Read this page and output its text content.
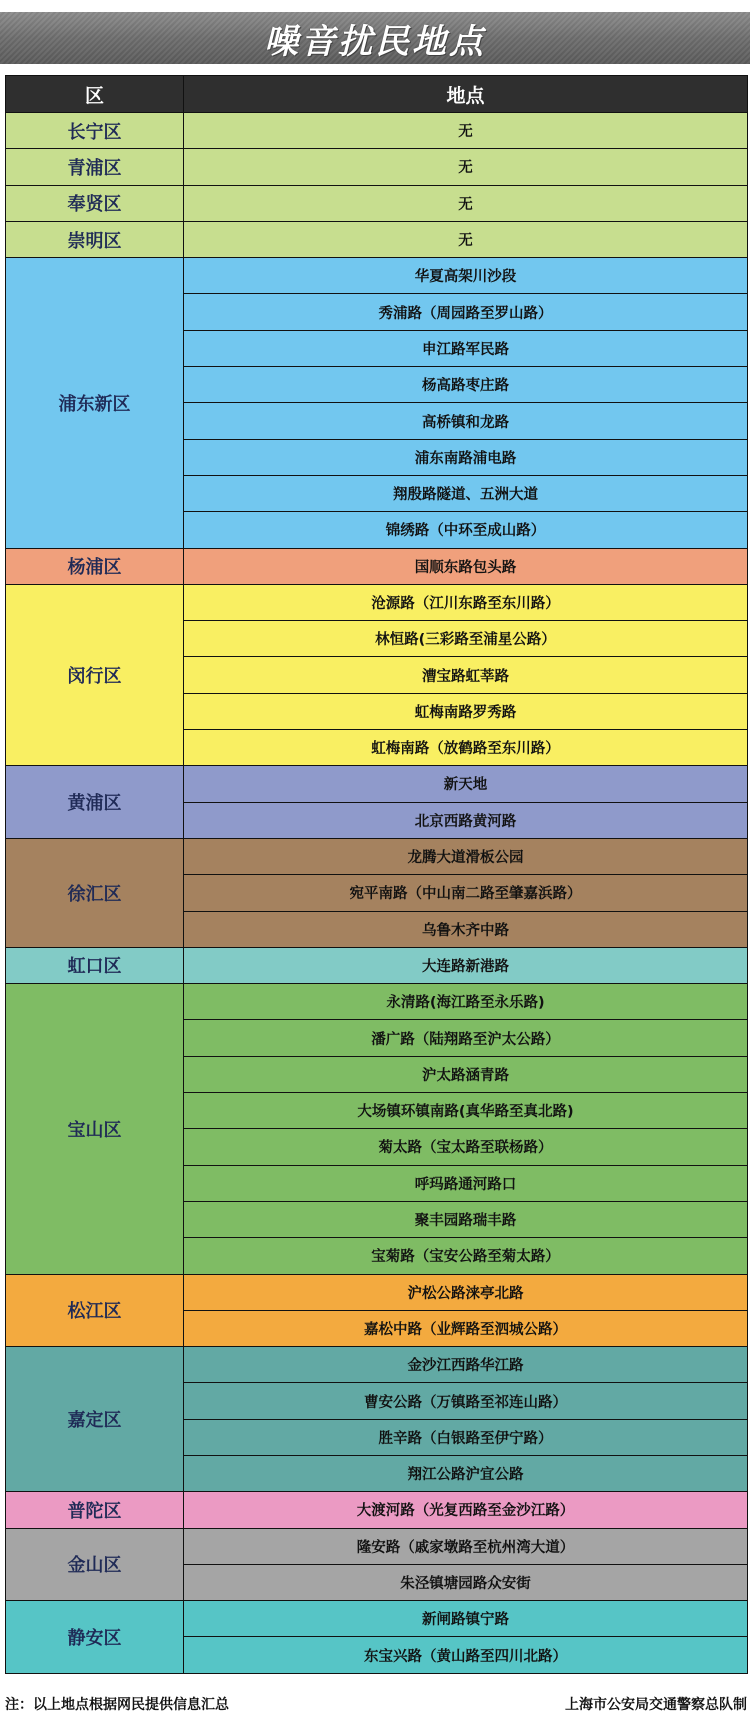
噪音扰民地点
区	地点
长宁区	无
青浦区	无
奉贤区	无
崇明区	无
浦东新区	华夏高架川沙段
	秀浦路（周园路至罗山路）
	申江路军民路
	杨高路枣庄路
	高桥镇和龙路
	浦东南路浦电路
	翔殷路隧道、五洲大道
	锦绣路（中环至成山路）
杨浦区	国顺东路包头路
闵行区	沧源路（江川东路至东川路）
	林恒路(三彩路至浦星公路）
	漕宝路虹莘路
	虹梅南路罗秀路
	虹梅南路（放鹤路至东川路）
黄浦区	新天地
	北京西路黄河路
徐汇区	龙腾大道滑板公园
	宛平南路（中山南二路至肇嘉浜路）
	乌鲁木齐中路
虹口区	大连路新港路
宝山区	永清路(海江路至永乐路)
	潘广路（陆翔路至沪太公路）
	沪太路涵青路
	大场镇环镇南路(真华路至真北路)
	菊太路（宝太路至联杨路）
	呼玛路通河路口
	聚丰园路瑞丰路
	宝菊路（宝安公路至菊太路）
松江区	沪松公路涞亭北路
	嘉松中路（业辉路至泗城公路）
嘉定区	金沙江西路华江路
	曹安公路（万镇路至祁连山路）
	胜辛路（白银路至伊宁路）
	翔江公路沪宜公路
普陀区	大渡河路（光复西路至金沙江路）
金山区	隆安路（戚家墩路至杭州湾大道）
	朱泾镇塘园路众安街
静安区	新闸路镇宁路
	东宝兴路（黄山路至四川北路）
注：以上地点根据网民提供信息汇总	上海市公安局交通警察总队制
